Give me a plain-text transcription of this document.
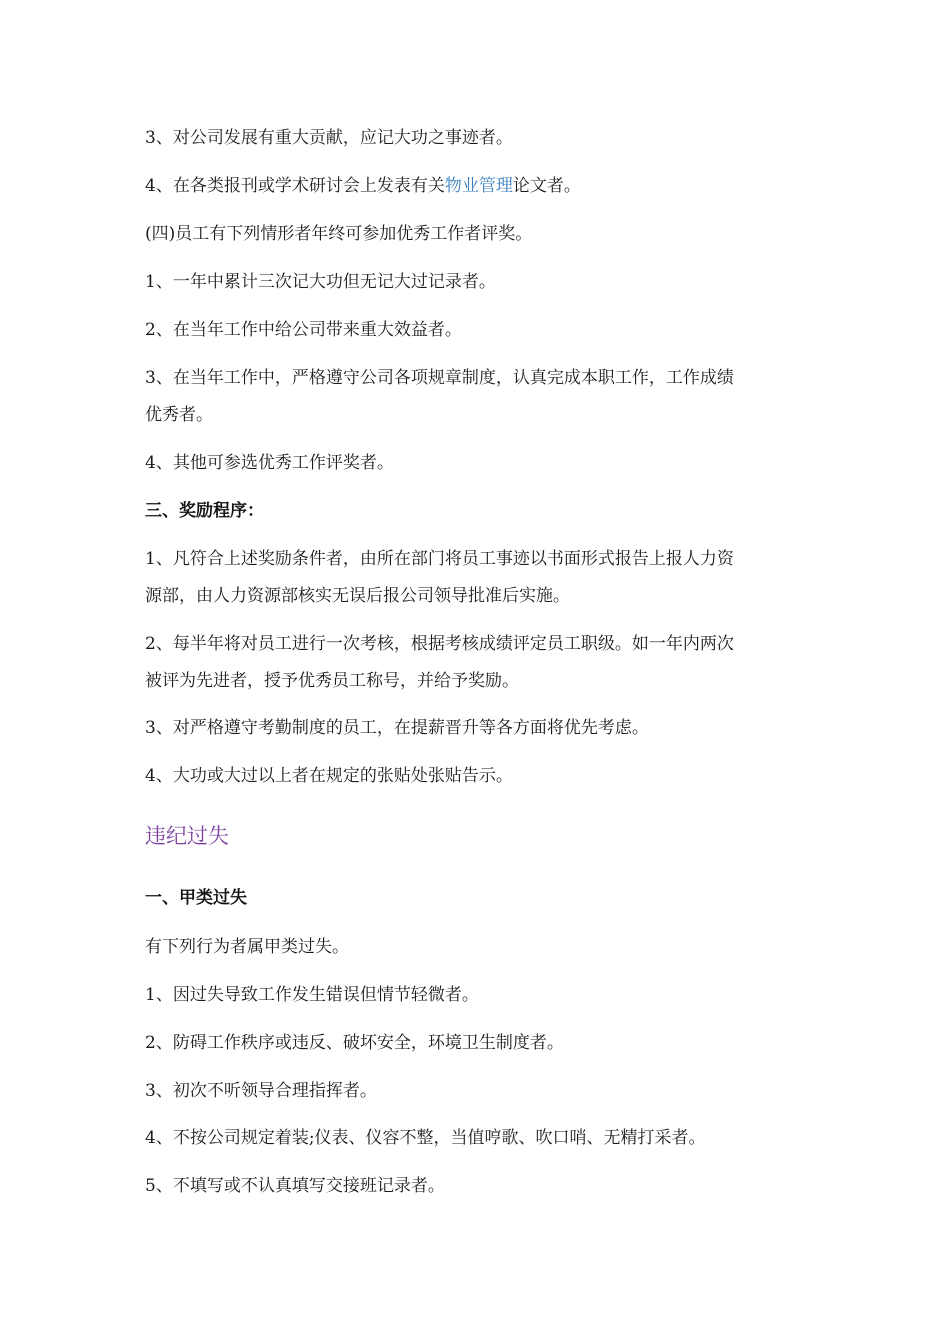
3、对公司发展有重大贡献，应记大功之事迹者。
4、在各类报刊或学术研讨会上发表有关物业管理论文者。
(四)员工有下列情形者年终可参加优秀工作者评奖。
1、一年中累计三次记大功但无记大过记录者。
2、在当年工作中给公司带来重大效益者。
3、在当年工作中，严格遵守公司各项规章制度，认真完成本职工作，工作成绩
优秀者。
4、其他可参选优秀工作评奖者。
三、奖励程序：
1、凡符合上述奖励条件者，由所在部门将员工事迹以书面形式报告上报人力资
源部，由人力资源部核实无误后报公司领导批准后实施。
2、每半年将对员工进行一次考核，根据考核成绩评定员工职级。如一年内两次
被评为先进者，授予优秀员工称号，并给予奖励。
3、对严格遵守考勤制度的员工，在提薪晋升等各方面将优先考虑。
4、大功或大过以上者在规定的张贴处张贴告示。
违纪过失
一、甲类过失
有下列行为者属甲类过失。
1、因过失导致工作发生错误但情节轻微者。
2、防碍工作秩序或违反、破坏安全，环境卫生制度者。
3、初次不听领导合理指挥者。
4、不按公司规定着装;仪表、仪容不整，当值哼歌、吹口哨、无精打采者。
5、不填写或不认真填写交接班记录者。
